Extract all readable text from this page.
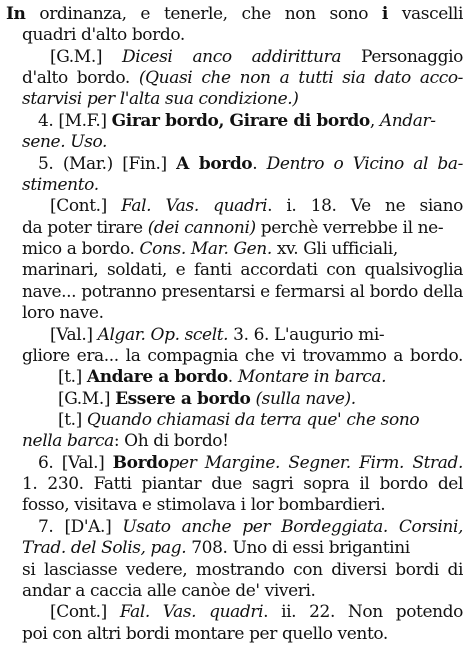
In ordinanza, e tenerle, che non sono i vascelli
quadri d'alto bordo.
[G.M.] Dicesi anco addirittura Personaggio
d'alto bordo. (Quasi che non a tutti sia dato acco-
starvisi per l'alta sua condizione.)
4. [M.F.] Girar bordo, Girare di bordo, Andar-
sene. Uso.
5. (Mar.) [Fin.] A bordo. Dentro o Vicino al ba-
stimento.
[Cont.] Fal. Vas. quadri. i. 18. Ve ne siano
da poter tirare (dei cannoni) perchè verrebbe il ne-
mico a bordo. Cons. Mar. Gen. xv. Gli ufficiali,
marinari, soldati, e fanti accordati con qualsivoglia
nave... potranno presentarsi e fermarsi al bordo della
loro nave.
[Val.] Algar. Op. scelt. 3. 6. L'augurio mi-
gliore era... la compagnia che vi trovammo a bordo.
[t.] Andare a bordo. Montare in barca.
[G.M.] Essere a bordo (sulla nave).
[t.] Quando chiamasi da terra que' che sono
nella barca: Oh di bordo!
6. [Val.] Bordoper Margine. Segner. Firm. Strad.
1. 230. Fatti piantar due sagri sopra il bordo del
fosso, visitava e stimolava i lor bombardieri.
7. [D'A.] Usato anche per Bordeggiata. Corsini,
Trad. del Solis, pag. 708. Uno di essi brigantini
si lasciasse vedere, mostrando con diversi bordi di
andar a caccia alle canòe de' viveri.
[Cont.] Fal. Vas. quadri. ii. 22. Non potendo
poi con altri bordi montare per quello vento.
